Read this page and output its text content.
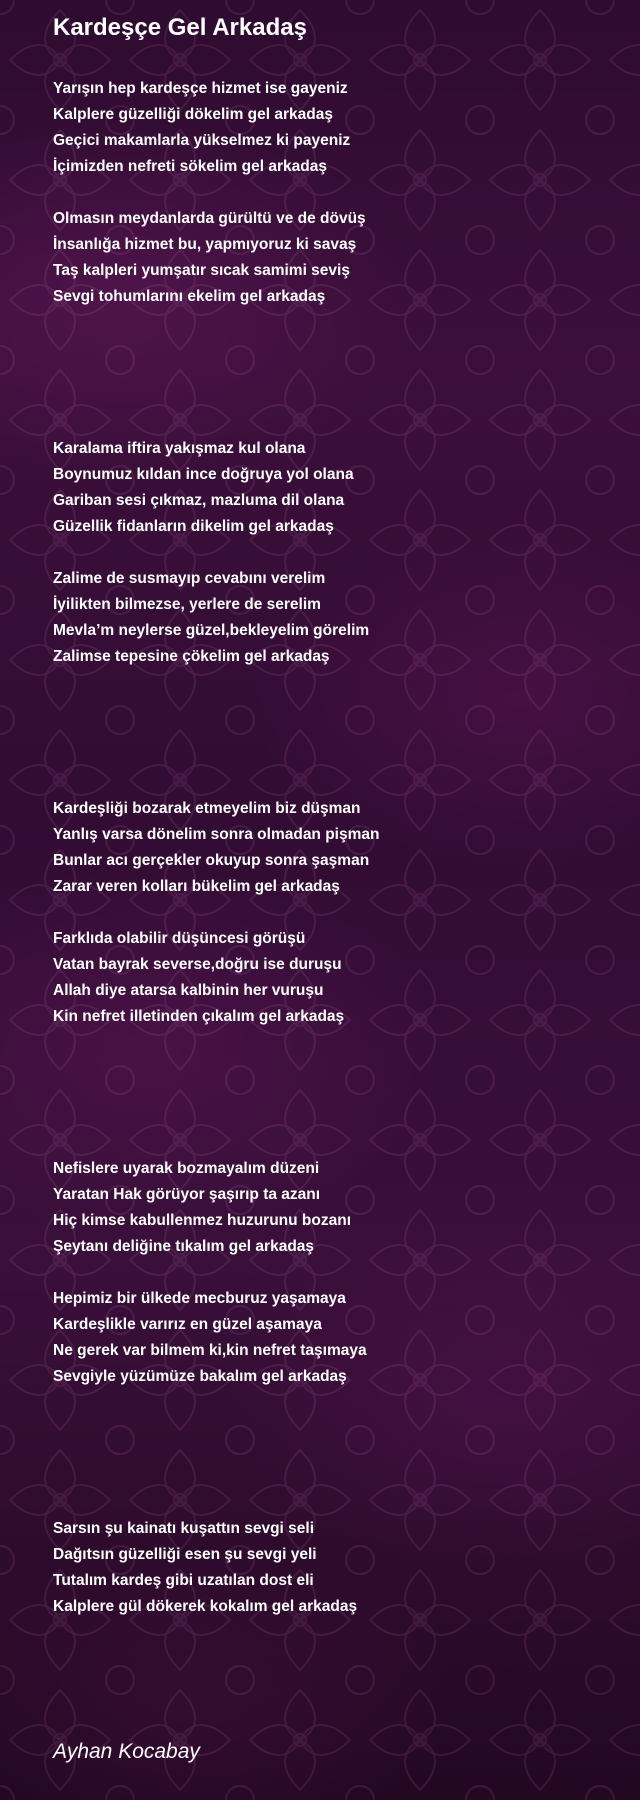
Kardeşçe Gel Arkadaş
Yarışın hep kardeşçe hizmet ise gayeniz
Kalplere güzelliği dökelim gel arkadaş
Geçici makamlarla yükselmez ki payeniz
İçimizden nefreti sökelim gel arkadaş
Olmasın meydanlarda gürültü ve de dövüş
İnsanlığa hizmet bu, yapmıyoruz ki savaş
Taş kalpleri yumşatır sıcak samimi seviş
Sevgi tohumlarını ekelim gel arkadaş
Karalama iftira yakışmaz kul olana
Boynumuz kıldan ince doğruya yol olana
Gariban sesi çıkmaz, mazluma dil olana
Güzellik fidanların dikelim gel arkadaş
Zalime de susmayıp cevabını verelim
İyilikten bilmezse, yerlere de serelim
Mevla’m neylerse güzel,bekleyelim görelim
Zalimse tepesine çökelim gel arkadaş
Kardeşliği bozarak etmeyelim biz düşman
Yanlış varsa dönelim sonra olmadan pişman
Bunlar acı gerçekler okuyup sonra şaşman
Zarar veren kolları bükelim gel arkadaş
Farklıda olabilir düşüncesi görüşü
Vatan bayrak severse,doğru ise duruşu
Allah diye atarsa kalbinin her vuruşu
Kin nefret illetinden çıkalım gel arkadaş
Nefislere uyarak bozmayalım düzeni
Yaratan Hak görüyor şaşırıp ta azanı
Hiç kimse kabullenmez huzurunu bozanı
Şeytanı deliğine tıkalım gel arkadaş
Hepimiz bir ülkede mecburuz yaşamaya
Kardeşlikle varırız en güzel aşamaya
Ne gerek var bilmem ki,kin nefret taşımaya
Sevgiyle yüzümüze bakalım gel arkadaş
Sarsın şu kainatı kuşattın sevgi seli
Dağıtsın güzelliği esen şu sevgi yeli
Tutalım kardeş gibi uzatılan dost eli
Kalplere gül dökerek kokalım gel arkadaş
Ayhan Kocabay
